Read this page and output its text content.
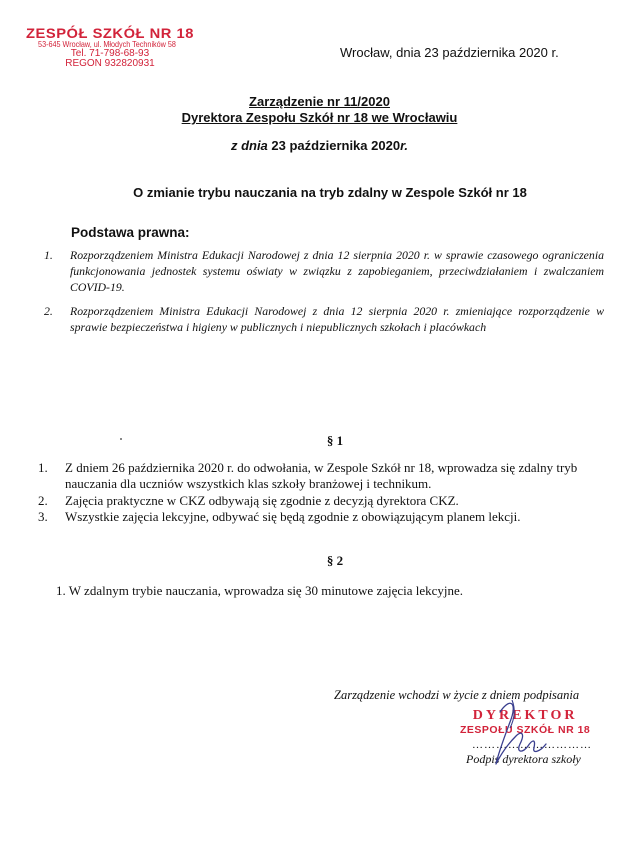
ZESPÓŁ SZKÓŁ NR 18
53-645 Wrocław, ul. Młodych Techników 58
Tel. 71-798-68-93
REGON 932820931
Wrocław, dnia 23 października 2020 r.
Zarządzenie nr 11/2020
Dyrektora Zespołu Szkół nr 18 we Wrocławiu
z dnia 23 października 2020r.
O zmianie trybu nauczania na tryb zdalny w Zespole Szkół nr 18
Podstawa prawna:
1.	Rozporządzeniem Ministra Edukacji Narodowej z dnia 12 sierpnia 2020 r. w sprawie czasowego ograniczenia funkcjonowania jednostek systemu oświaty w związku z zapobieganiem, przeciwdziałaniem i zwalczaniem COVID-19.
2.	Rozporządzeniem Ministra Edukacji Narodowej z dnia 12 sierpnia 2020 r. zmieniające rozporządzenie w sprawie bezpieczeństwa i higieny w publicznych i niepublicznych szkołach i placówkach
§ 1
1.	Z dniem 26 października 2020 r. do odwołania, w Zespole Szkół nr 18, wprowadza się zdalny tryb nauczania dla uczniów wszystkich klas szkoły branżowej i technikum.
2.	Zajęcia praktyczne w CKZ odbywają się zgodnie z decyzją dyrektora CKZ.
3.	Wszystkie zajęcia lekcyjne, odbywać się będą zgodnie z obowiązującym planem lekcji.
§ 2
1. W zdalnym trybie nauczania, wprowadza się 30 minutowe zajęcia lekcyjne.
Zarządzenie wchodzi w życie z dniem podpisania
DYREKTOR
ZESPOŁU SZKÓŁ NR 18
…………………………
Podpis dyrektora szkoły
